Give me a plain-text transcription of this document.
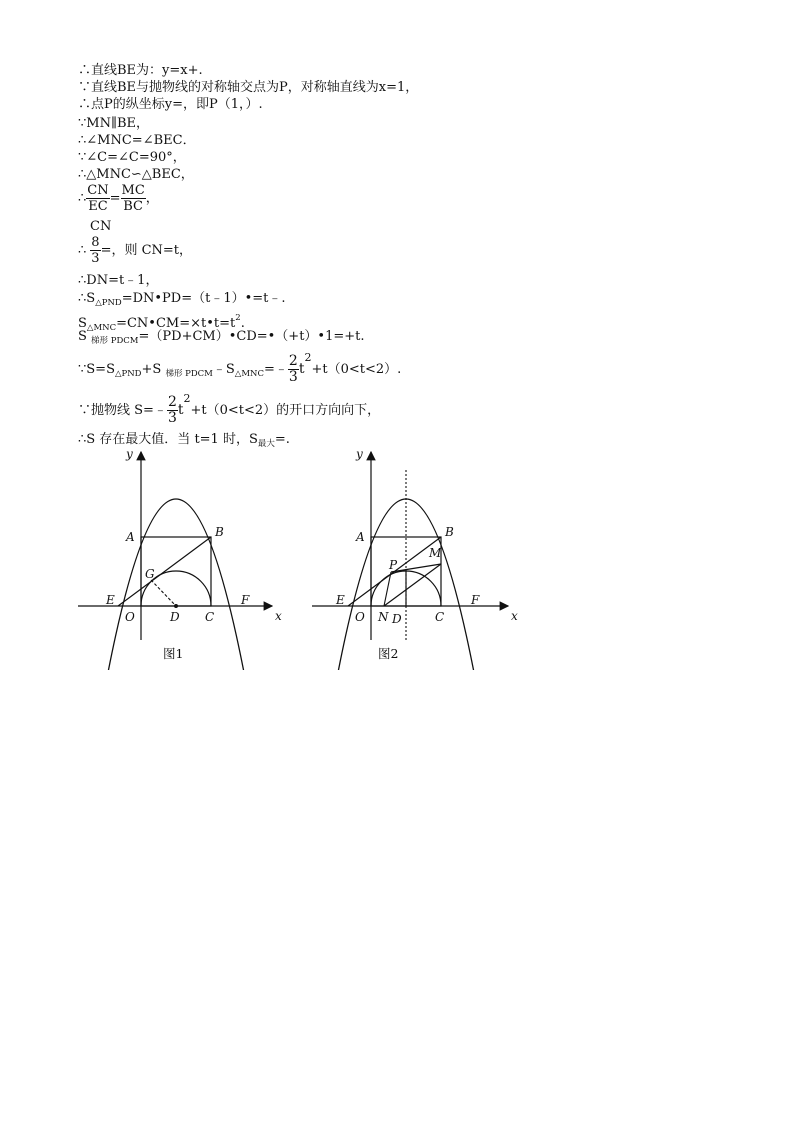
∴直线BE为：y=x+.
∵直线BE与抛物线的对称轴交点为P，对称轴直线为x=1，
∴点P的纵坐标y=，即P（1，）.
∵MN∥BE，
∴∠MNC=∠BEC．
∵∠C=∠C=90°，
∴△MNC∽△BEC，
∴ $\frac{CN}{EC} = \frac{MC}{BC}$ ，
CN
∴ $\frac{8}{3}$ =，则 CN=t，
∴DN=t﹣1，
$\therefore S_{\triangle PND}=DN•PD=(t﹣1)•=t﹣$.
$S_{\triangle MNC}=CN•CM=\times t•t=t^2$.
S $_{梯形 PDCM}$=（PD+CM）•CD=•（+t）•1=+t.
$\because S=S_{\triangle PND}+S$ $_{梯形 PDCM}﹣S_{\triangle MNC}=﹣ \frac{2}{3} t^2+t(0<t<2)$.
∵抛物线 S=﹣ $\frac{2}{3} t^2+t(0<t<2)$的开口方向向下，
∴S 存在最大值．当 t=1 时，$S_{最大}=$.
y
x
A	B
G
E
O	D C
F
图1
y
x
A	B
P
M
E
O N D	C
F
图2
